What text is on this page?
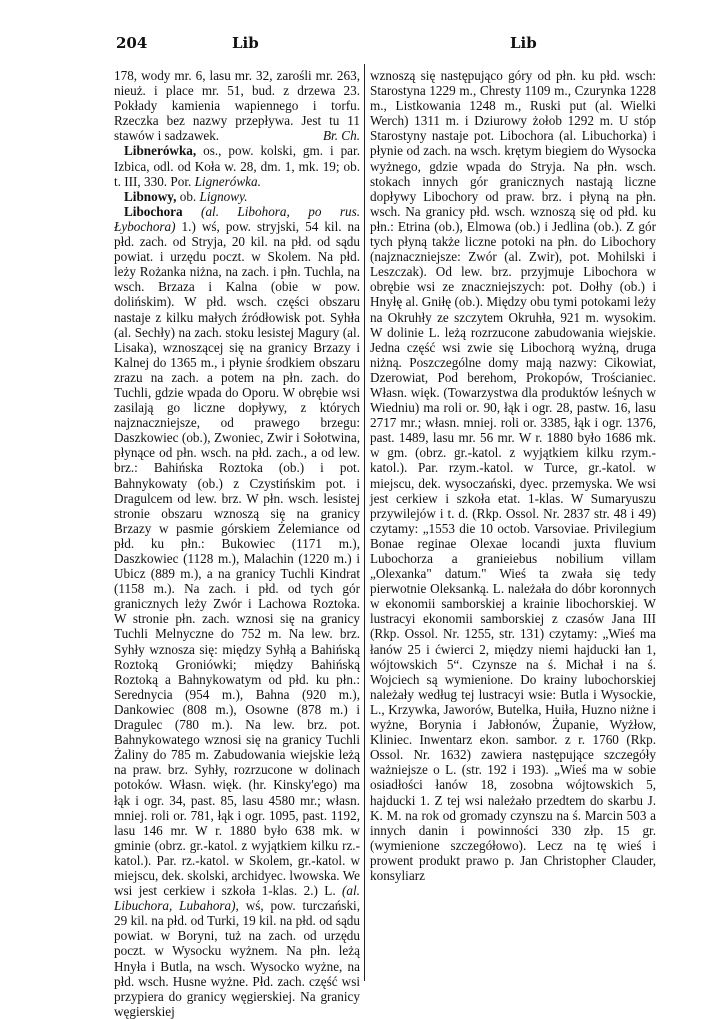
204	Lib	Lib

178, wody mr. 6, lasu mr. 32, zarośli mr. 263, nieuż. i place mr. 51, bud. z drzewa 23. Pokłady kamienia wapiennego i torfu. Rzeczka bez nazwy przepływa. Jest tu 11 stawów i sadzawek.	Br. Ch.

Libnerówka, os., pow. kolski, gm. i par. Izbica, odl. od Koła w. 28, dm. 1, mk. 19; ob. t. III, 330. Por. Lignerówka.

Libnowy, ob. Lignowy.

Libochora (al. Libohora, po rus. Łybochora) 1.) wś, pow. stryjski, 54 kil. na płd. zach. od Stryja, 20 kil. na płd. od sądu powiat. i urzędu poczt. w Skolem. Na płd. leży Rożanka niżna, na zach. i płn. Tuchla, na wsch. Brzaza i Kalna (obie w pow. dolińskim). W płd. wsch. części obszaru nastaje z kilku małych źródłowisk pot. Syhła (al. Sechły) na zach. stoku lesistej Magury (al. Lisaka), wznoszącej się na granicy Brzazy i Kalnej do 1365 m., i płynie środkiem obszaru zrazu na zach. a potem na płn. zach. do Tuchli, gdzie wpada do Oporu. W obrębie wsi zasilają go liczne dopływy, z których najznaczniejsze, od prawego brzegu: Daszkowiec (ob.), Zwoniec, Zwir i Sołotwina, płynące od płn. wsch. na płd. zach., a od lew. brz.: Bahińska Roztoka (ob.) i pot. Bahnykowaty (ob.) z Czystińskim pot. i Dragulcem od lew. brz. W płn. wsch. lesistej stronie obszaru wznoszą się na granicy Brzazy w pasmie górskiem Żelemiance od płd. ku płn.: Bukowiec (1171 m.), Daszkowiec (1128 m.), Malachin (1220 m.) i Ubicz (889 m.), a na granicy Tuchli Kindrat (1158 m.). Na zach. i płd. od tych gór granicznych leży Zwór i Lachowa Roztoka. W stronie płn. zach. wznosi się na granicy Tuchli Melnyczne do 752 m. Na lew. brz. Syhły wznosza się: między Syhłą a Bahińską Roztoką Groniówki; między Bahińską Roztoką a Bahnykowatym od płd. ku płn.: Serednycia (954 m.), Bahna (920 m.), Dankowiec (808 m.), Osowne (878 m.) i Dragulec (780 m.). Na lew. brz. pot. Bahnykowatego wznosi się na granicy Tuchli Żaliny do 785 m. Zabudowania wiejskie leżą na praw. brz. Syhły, rozrzucone w dolinach potoków. Własn. więk. (hr. Kinsky'ego) ma łąk i ogr. 34, past. 85, lasu 4580 mr.; własn. mniej. roli or. 781, łąk i ogr. 1095, past. 1192, lasu 146 mr. W r. 1880 było 638 mk. w gminie (obrz. gr.-katol. z wyjątkiem kilku rz.-katol.). Par. rz.-katol. w Skolem, gr.-katol. w miejscu, dek. skolski, archidyec. lwowska. We wsi jest cerkiew i szkoła 1-klas. 2.) L. (al. Libuchora, Lubahora), wś, pow. turczański, 29 kil. na płd. od Turki, 19 kil. na płd. od sądu powiat. w Boryni, tuż na zach. od urzędu poczt. w Wysocku wyżnem. Na płn. leżą Hnyła i Butla, na wsch. Wysocko wyżne, na płd. wsch. Husne wyżne. Płd. zach. część wsi przypiera do granicy węgierskiej. Na granicy węgierskiej

wznoszą się następująco góry od płn. ku płd. wsch: Starostyna 1229 m., Chresty 1109 m., Czurynka 1228 m., Listkowania 1248 m., Ruski put (al. Wielki Werch) 1311 m. i Dziurowy żołob 1292 m. U stóp Starostyny nastaje pot. Libochora (al. Libuchorka) i płynie od zach. na wsch. krętym biegiem do Wysocka wyżnego, gdzie wpada do Stryja. Na płn. wsch. stokach innych gór granicznych nastają liczne dopływy Libochory od praw. brz. i płyną na płn. wsch. Na granicy płd. wsch. wznoszą się od płd. ku płn.: Etrina (ob.), Elmowa (ob.) i Jedlina (ob.). Z gór tych płyną także liczne potoki na płn. do Libochory (najznaczniejsze: Zwór (al. Zwir), pot. Mohilski i Leszczak). Od lew. brz. przyjmuje Libochora w obrębie wsi ze znaczniejszych: pot. Dołhy (ob.) i Hnyłę al. Gniłę (ob.). Między obu tymi potokami leży na Okruhły ze szczytem Okruhła, 921 m. wysokim. W dolinie L. leżą rozrzucone zabudowania wiejskie. Jedna część wsi zwie się Libochorą wyżną, druga niżną. Poszczególne domy mają nazwy: Cikowiat, Dzerowiat, Pod berehom, Prokopów, Trościaniec. Własn. więk. (Towarzystwa dla produktów leśnych w Wiedniu) ma roli or. 90, łąk i ogr. 28, pastw. 16, lasu 2717 mr.; własn. mniej. roli or. 3385, łąk i ogr. 1376, past. 1489, lasu mr. 56 mr. W r. 1880 było 1686 mk. w gm. (obrz. gr.-katol. z wyjątkiem kilku rzym.-katol.). Par. rzym.-katol. w Turce, gr.-katol. w miejscu, dek. wysoczański, dyec. przemyska. We wsi jest cerkiew i szkoła etat. 1-klas. W Sumaryuszu przywilejów i t. d. (Rkp. Ossol. Nr. 2837 str. 48 i 49) czytamy: „1553 die 10 octob. Varsoviae. Privilegium Bonae reginae Olexae locandi juxta fluvium Lubochorza a granieiebus nobilium villam „Olexanka" datum." Wieś ta zwała się tedy pierwotnie Oleksanką. L. należała do dóbr koronnych w ekonomii samborskiej a krainie libochorskiej. W lustracyi ekonomii samborskiej z czasów Jana III (Rkp. Ossol. Nr. 1255, str. 131) czytamy: „Wieś ma łanów 25 i ćwierci 2, między niemi hajducki łan 1, wójtowskich 5“. Czynsze na ś. Michał i na ś. Wojciech są wymienione. Do krainy lubochorskiej należały według tej lustracyi wsie: Butla i Wysockie, L., Krzywka, Jaworów, Butelka, Huiła, Huzno niżne i wyżne, Borynia i Jabłonów, Żupanie, Wyżłow, Kliniec. Inwentarz ekon. sambor. z r. 1760 (Rkp. Ossol. Nr. 1632) zawiera następujące szczegóły ważniejsze o L. (str. 192 i 193). „Wieś ma w sobie osiadłości łanów 18, zosobna wójtowskich 5, hajducki 1. Z tej wsi należało przedtem do skarbu J. K. M. na rok od gromady czynszu na ś. Marcin 503 a innych danin i powinności 330 złp. 15 gr. (wymienione szczegółowo). Lecz na tę wieś i prowent produkt prawo p. Jan Christopher Clauder, konsyliarz
